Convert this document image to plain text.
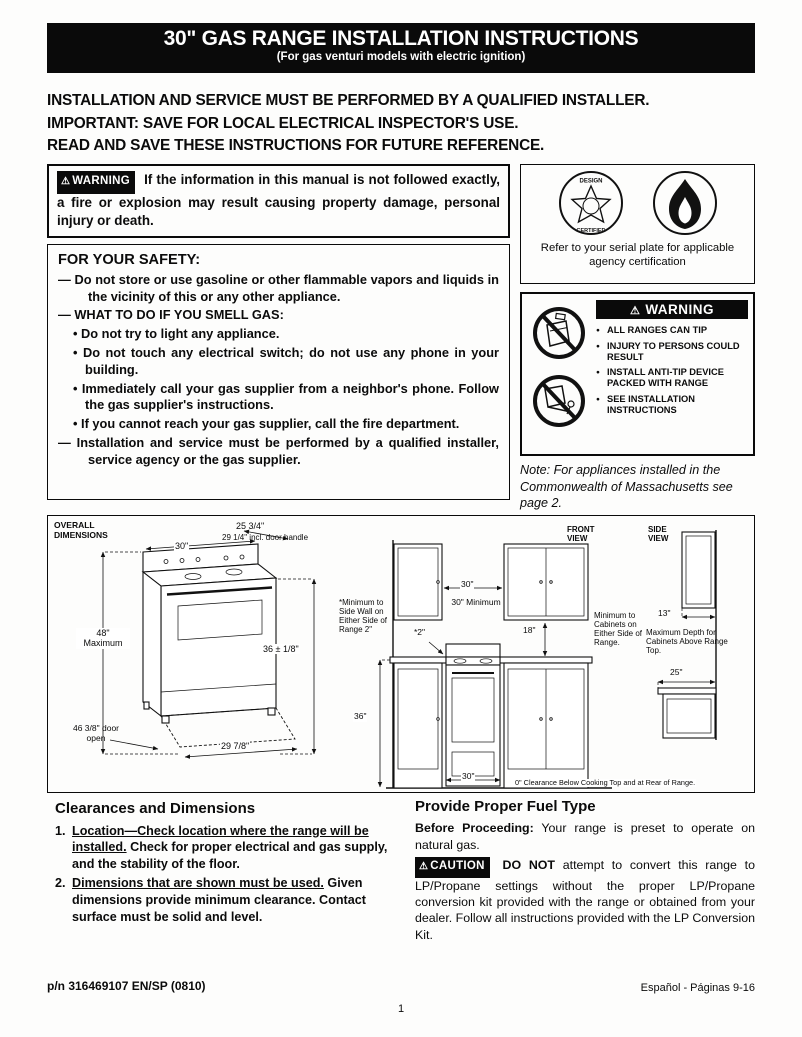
30" GAS RANGE INSTALLATION INSTRUCTIONS
(For gas venturi models with electric ignition)

INSTALLATION AND SERVICE MUST BE PERFORMED BY A QUALIFIED INSTALLER.

IMPORTANT: SAVE FOR LOCAL ELECTRICAL INSPECTOR'S USE.

READ AND SAVE THESE INSTRUCTIONS FOR FUTURE REFERENCE.

⚠ WARNING If the information in this manual is not followed exactly, a fire or explosion may result causing property damage, personal injury or death.

DESIGN
CERTIFIED

Refer to your serial plate for applicable agency certification

FOR YOUR SAFETY:

— Do not store or use gasoline or other flammable vapors and liquids in the vicinity of this or any other appliance.

— WHAT TO DO IF YOU SMELL GAS:

• Do not try to light any appliance.

• Do not touch any electrical switch; do not use any phone in your building.

• Immediately call your gas supplier from a neighbor's phone. Follow the gas supplier's instructions.

• If you cannot reach your gas supplier, call the fire department.

— Installation and service must be performed by a qualified installer, service agency or the gas supplier.

⚠ WARNING
● ALL RANGES CAN TIP
● INJURY TO PERSONS COULD RESULT
● INSTALL ANTI-TIP DEVICE PACKED WITH RANGE
● SEE INSTALLATION INSTRUCTIONS

Note: For appliances installed in the Commonwealth of Massachusetts see page 2.

OVERALL DIMENSIONS
25 3/4"
29 1/4" incl. door handle
30"
48" Maximum
36 ± 1/8"
46 3/8" door open
29 7/8"
FRONT VIEW
SIDE VIEW
30"
30" Minimum
*Minimum to Side Wall on Either Side of Range 2"	*2"	18"
Minimum to Cabinets on Either Side of Range.
Maximum Depth for Cabinets Above Range Top.
13"
25"
36"
30"
0" Clearance Below Cooking Top and at Rear of Range.
Clearances and Dimensions
1. Location—Check location where the range will be installed. Check for proper electrical and gas supply, and the stability of the floor.
2. Dimensions that are shown must be used. Given dimensions provide minimum clearance. Contact surface must be solid and level.
Provide Proper Fuel Type

Before Proceeding: Your range is preset to operate on natural gas.

⚠ CAUTION DO NOT attempt to convert this range to LP/Propane settings without the proper LP/Propane conversion kit provided with the range or obtained from your dealer. Follow all instructions provided with the LP Conversion Kit.

p/n 316469107 EN/SP (0810)	Español - Páginas 9-16

1
